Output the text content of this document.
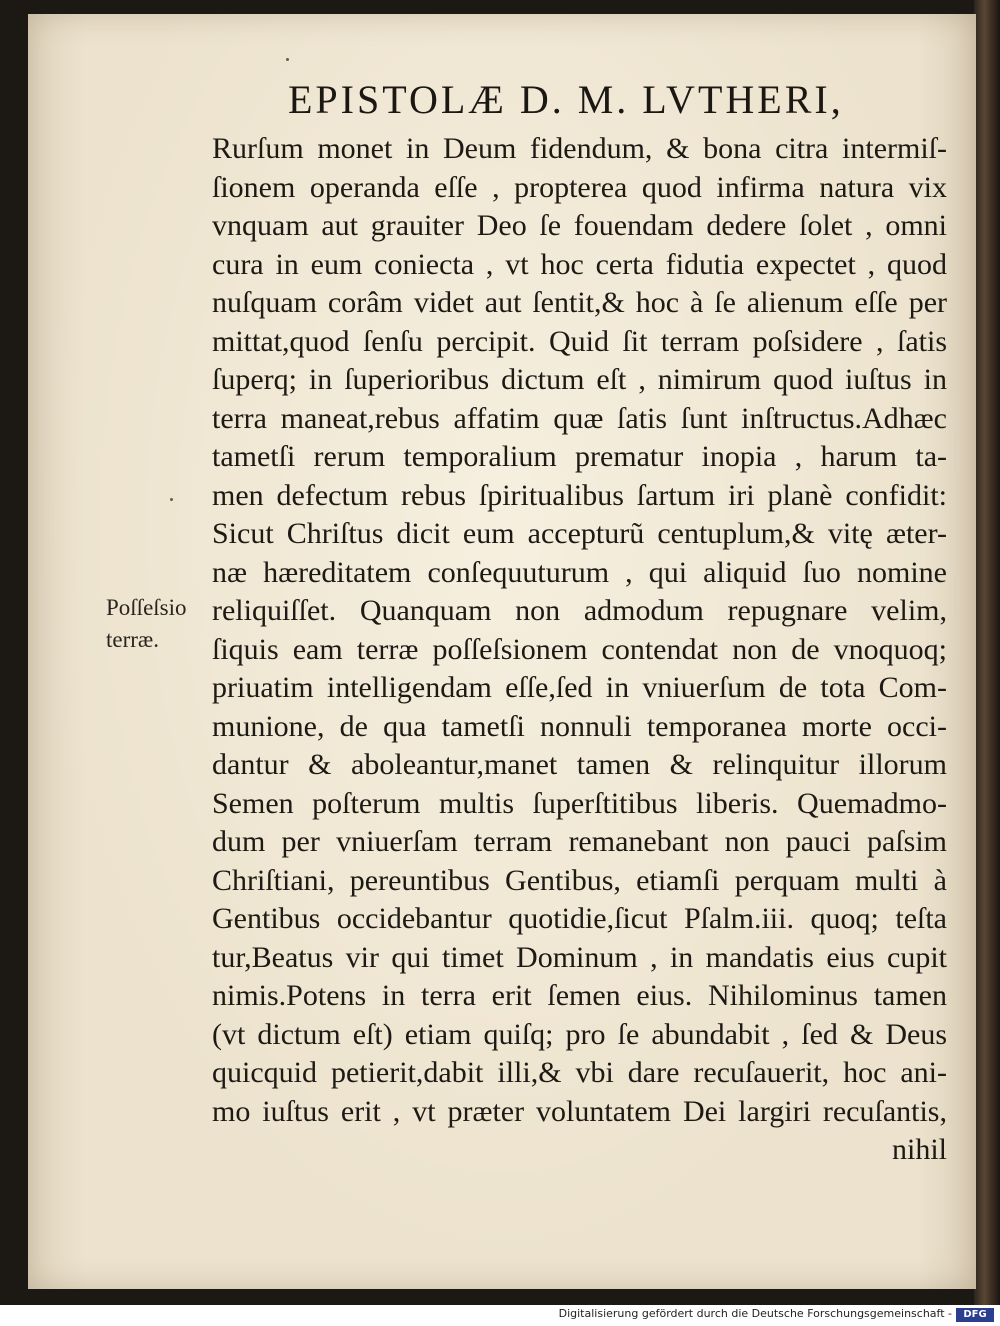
EPISTOLÆ D. M. LVTHERI,
Poſſeſsio
terræ.
Rurſum monet in Deum fidendum, & bona citra intermiſ-
ſionem operanda eſſe , propterea quod infirma natura vix
vnquam aut grauiter Deo ſe fouendam dedere ſolet , omni
cura in eum coniecta , vt hoc certa fidutia expectet , quod
nuſquam corâm videt aut ſentit,& hoc à ſe alienum eſſe per
mittat,quod ſenſu percipit. Quid ſit terram poſsidere , ſatis
ſuperq; in ſuperioribus dictum eſt , nimirum quod iuſtus in
terra maneat,rebus affatim quæ ſatis ſunt inſtructus.Adhæc
tametſi rerum temporalium prematur inopia , harum ta-
men defectum rebus ſpiritualibus ſartum iri planè confidit:
Sicut Chriſtus dicit eum accepturũ centuplum,& vitę æter-
næ hæreditatem conſequuturum , qui aliquid ſuo nomine
reliquiſſet. Quanquam non admodum repugnare velim,
ſiquis eam terræ poſſeſsionem contendat non de vnoquoq;
priuatim intelligendam eſſe,ſed in vniuerſum de tota Com-
munione, de qua tametſi nonnuli temporanea morte occi-
dantur & aboleantur,manet tamen & relinquitur illorum
Semen poſterum multis ſuperſtitibus liberis. Quemadmo-
dum per vniuerſam terram remanebant non pauci paſsim
Chriſtiani, pereuntibus Gentibus, etiamſi perquam multi à
Gentibus occidebantur quotidie,ſicut Pſalm.iii. quoq; teſta
tur,Beatus vir qui timet Dominum , in mandatis eius cupit
nimis.Potens in terra erit ſemen eius. Nihilominus tamen
(vt dictum eſt) etiam quiſq; pro ſe abundabit , ſed & Deus
quicquid petierit,dabit illi,& vbi dare recuſauerit, hoc ani-
mo iuſtus erit , vt præter voluntatem Dei largiri recuſantis,
nihil
Digitalisierung gefördert durch die Deutsche Forschungsgemeinschaft -	DFG
